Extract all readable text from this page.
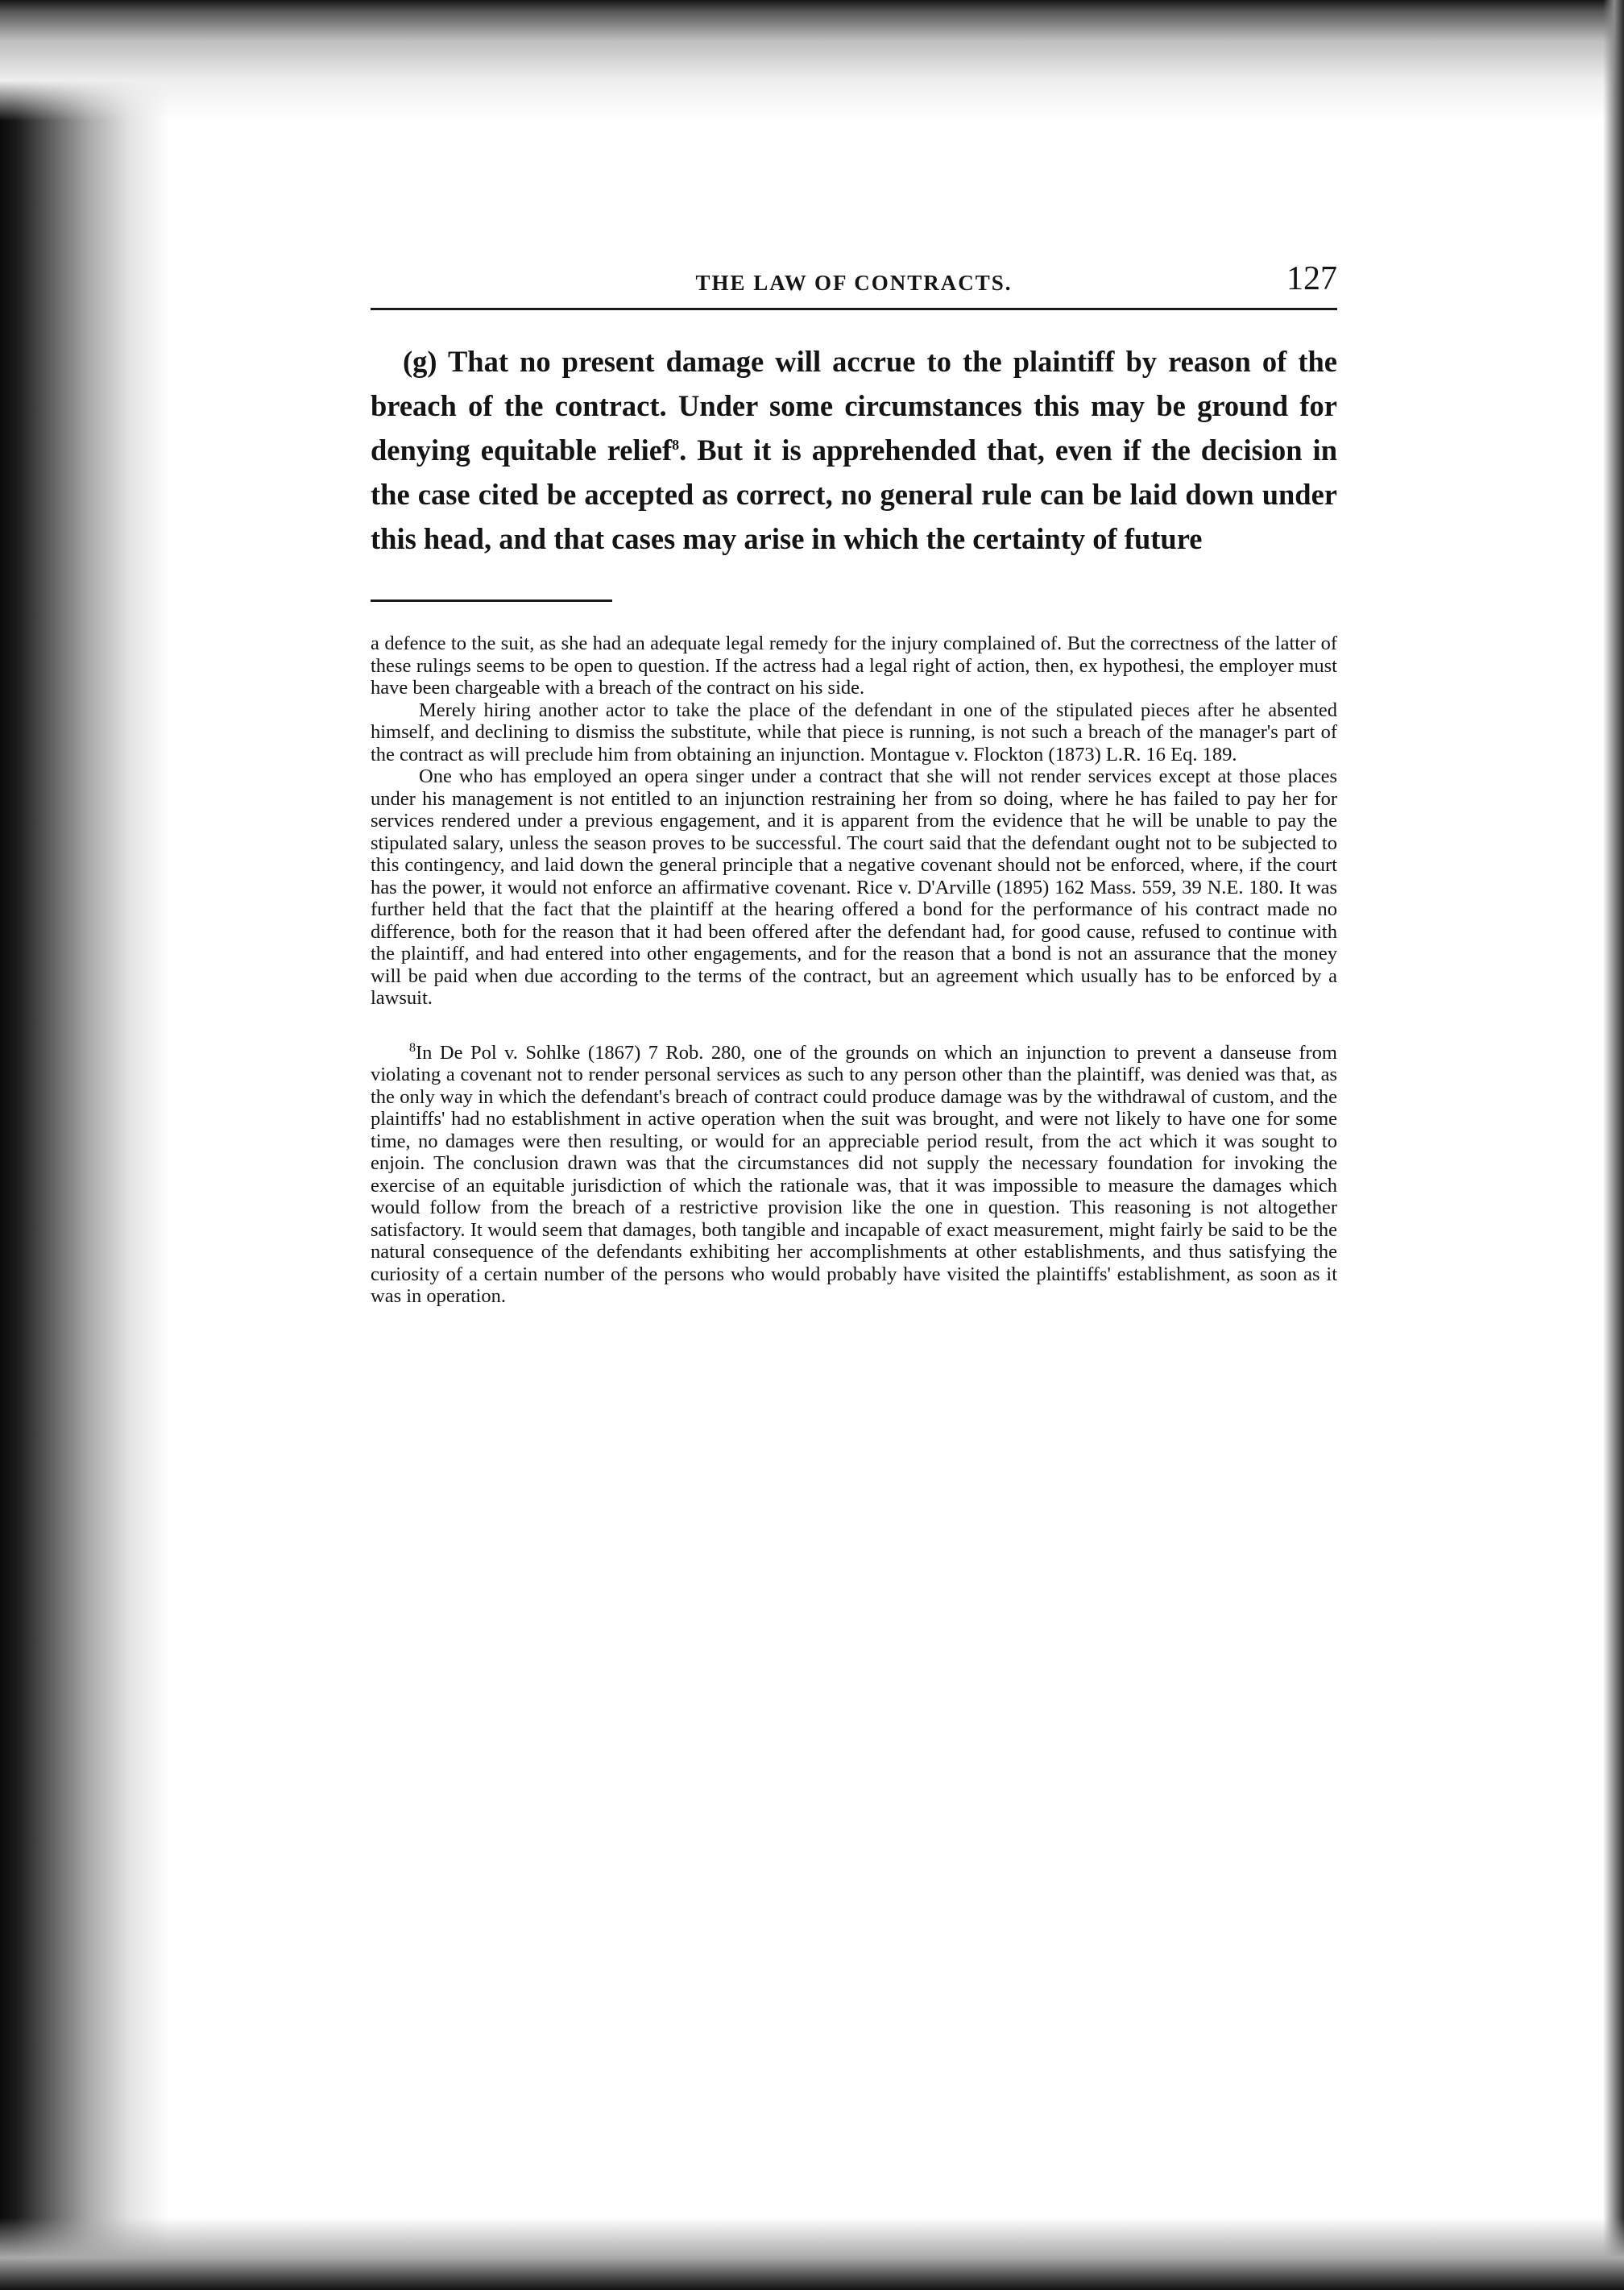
THE LAW OF CONTRACTS.	127

(g) That no present damage will accrue to the plaintiff by reason of the breach of the contract. Under some circumstances this may be ground for denying equitable relief$^8$. But it is apprehended that, even if the decision in the case cited be accepted as correct, no general rule can be laid down under this head, and that cases may arise in which the certainty of future

a defence to the suit, as she had an adequate legal remedy for the injury complained of. But the correctness of the latter of these rulings seems to be open to question. If the actress had a legal right of action, then, ex hypothesi, the employer must have been chargeable with a breach of the contract on his side.

Merely hiring another actor to take the place of the defendant in one of the stipulated pieces after he absented himself, and declining to dismiss the substitute, while that piece is running, is not such a breach of the manager's part of the contract as will preclude him from obtaining an injunction. Montague v. Flockton (1873) L.R. 16 Eq. 189.

One who has employed an opera singer under a contract that she will not render services except at those places under his management is not entitled to an injunction restraining her from so doing, where he has failed to pay her for services rendered under a previous engagement, and it is apparent from the evidence that he will be unable to pay the stipulated salary, unless the season proves to be successful. The court said that the defendant ought not to be subjected to this contingency, and laid down the general principle that a negative covenant should not be enforced, where, if the court has the power, it would not enforce an affirmative covenant. Rice v. D'Arville (1895) 162 Mass. 559, 39 N.E. 180. It was further held that the fact that the plaintiff at the hearing offered a bond for the performance of his contract made no difference, both for the reason that it had been offered after the defendant had, for good cause, refused to continue with the plaintiff, and had entered into other engagements, and for the reason that a bond is not an assurance that the money will be paid when due according to the terms of the contract, but an agreement which usually has to be enforced by a lawsuit.

$^8$In De Pol v. Sohlke (1867) 7 Rob. 280, one of the grounds on which an injunction to prevent a danseuse from violating a covenant not to render personal services as such to any person other than the plaintiff, was denied was that, as the only way in which the defendant's breach of contract could produce damage was by the withdrawal of custom, and the plaintiffs' had no establishment in active operation when the suit was brought, and were not likely to have one for some time, no damages were then resulting, or would for an appreciable period result, from the act which it was sought to enjoin. The conclusion drawn was that the circumstances did not supply the necessary foundation for invoking the exercise of an equitable jurisdiction of which the rationale was, that it was impossible to measure the damages which would follow from the breach of a restrictive provision like the one in question. This reasoning is not altogether satisfactory. It would seem that damages, both tangible and incapable of exact measurement, might fairly be said to be the natural consequence of the defendants exhibiting her accomplishments at other establishments, and thus satisfying the curiosity of a certain number of the persons who would probably have visited the plaintiffs' establishment, as soon as it was in operation.
